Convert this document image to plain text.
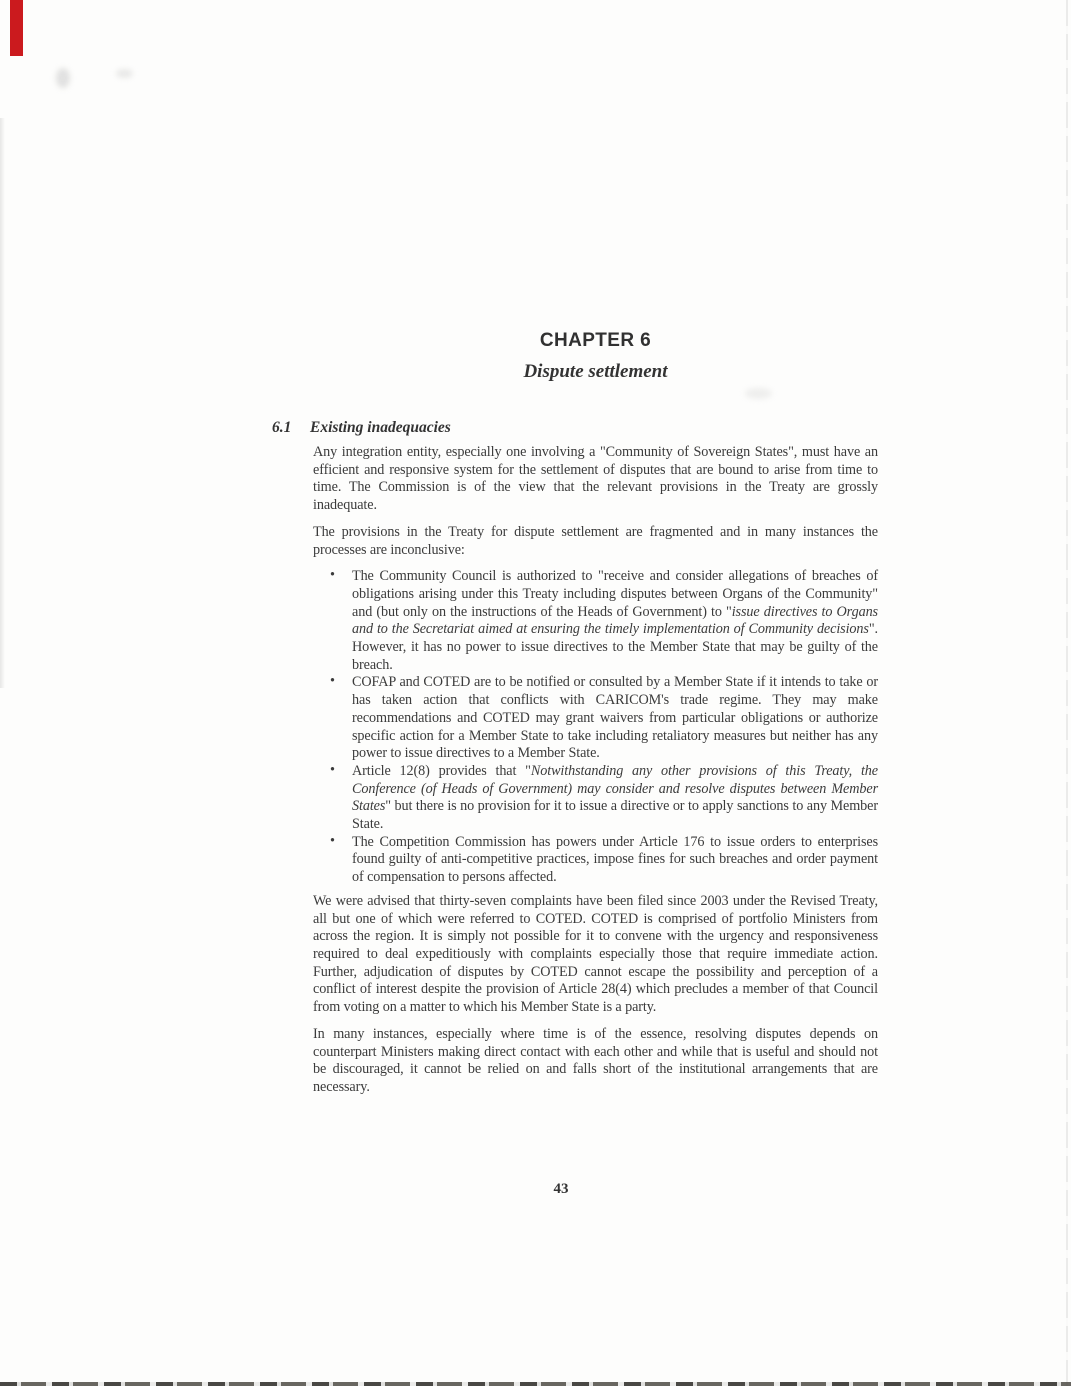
CHAPTER 6
Dispute settlement
6.1 Existing inadequacies

Any integration entity, especially one involving a "Community of Sovereign States", must have an efficient and responsive system for the settlement of disputes that are bound to arise from time to time. The Commission is of the view that the relevant provisions in the Treaty are grossly inadequate.

The provisions in the Treaty for dispute settlement are fragmented and in many instances the processes are inconclusive:

• The Community Council is authorized to "receive and consider allegations of breaches of obligations arising under this Treaty including disputes between Organs of the Community" and (but only on the instructions of the Heads of Government) to "issue directives to Organs and to the Secretariat aimed at ensuring the timely implementation of Community decisions". However, it has no power to issue directives to the Member State that may be guilty of the breach.
• COFAP and COTED are to be notified or consulted by a Member State if it intends to take or has taken action that conflicts with CARICOM's trade regime. They may make recommendations and COTED may grant waivers from particular obligations or authorize specific action for a Member State to take including retaliatory measures but neither has any power to issue directives to a Member State.
• Article 12(8) provides that "Notwithstanding any other provisions of this Treaty, the Conference (of Heads of Government) may consider and resolve disputes between Member States" but there is no provision for it to issue a directive or to apply sanctions to any Member State.
• The Competition Commission has powers under Article 176 to issue orders to enterprises found guilty of anti-competitive practices, impose fines for such breaches and order payment of compensation to persons affected.

We were advised that thirty-seven complaints have been filed since 2003 under the Revised Treaty, all but one of which were referred to COTED. COTED is comprised of portfolio Ministers from across the region. It is simply not possible for it to convene with the urgency and responsiveness required to deal expeditiously with complaints especially those that require immediate action. Further, adjudication of disputes by COTED cannot escape the possibility and perception of a conflict of interest despite the provision of Article 28(4) which precludes a member of that Council from voting on a matter to which his Member State is a party.

In many instances, especially where time is of the essence, resolving disputes depends on counterpart Ministers making direct contact with each other and while that is useful and should not be discouraged, it cannot be relied on and falls short of the institutional arrangements that are necessary.

43
